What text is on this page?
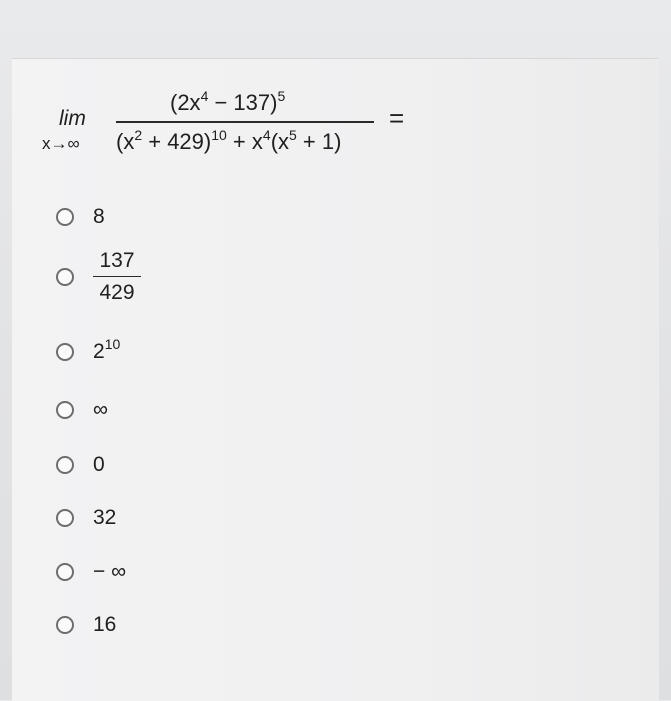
lim
x→∞
$(2x^4 - 137)^5$
$(x^2 + 429)^{10} + x^4(x^5 + 1)$
=
8
137
429
$2^{10}$
∞
0
32
− ∞
16
